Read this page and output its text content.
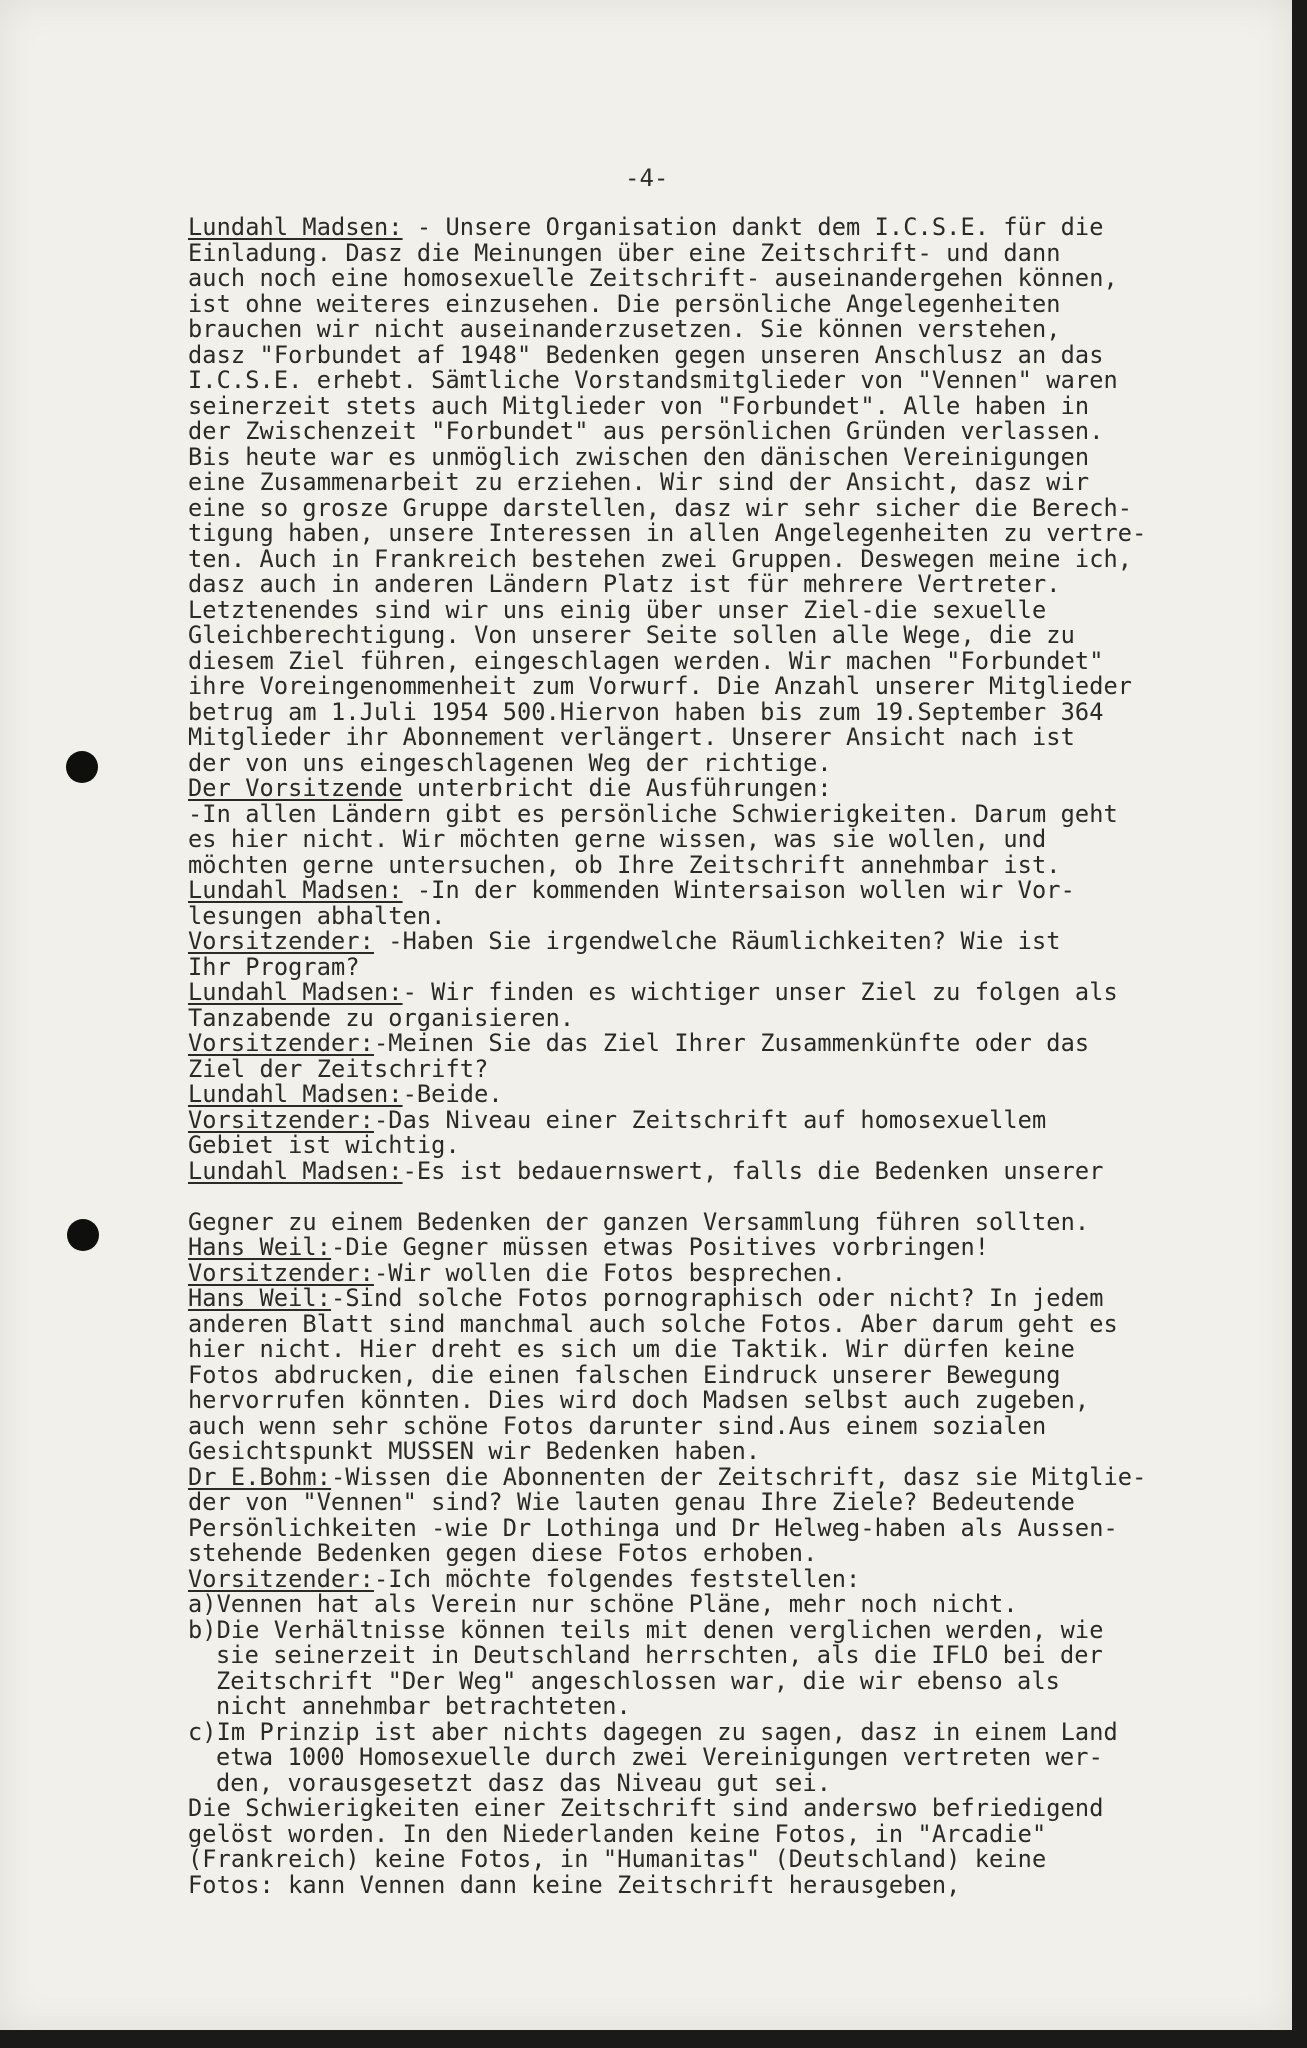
-4-
Lundahl Madsen: - Unsere Organisation dankt dem I.C.S.E. für die
Einladung. Dasz die Meinungen über eine Zeitschrift- und dann
auch noch eine homosexuelle Zeitschrift- auseinandergehen können,
ist ohne weiteres einzusehen. Die persönliche Angelegenheiten
brauchen wir nicht auseinanderzusetzen. Sie können verstehen,
dasz "Forbundet af 1948" Bedenken gegen unseren Anschlusz an das
I.C.S.E. erhebt. Sämtliche Vorstandsmitglieder von "Vennen" waren
seinerzeit stets auch Mitglieder von "Forbundet". Alle haben in
der Zwischenzeit "Forbundet" aus persönlichen Gründen verlassen.
Bis heute war es unmöglich zwischen den dänischen Vereinigungen
eine Zusammenarbeit zu erziehen. Wir sind der Ansicht, dasz wir
eine so grosze Gruppe darstellen, dasz wir sehr sicher die Berech-
tigung haben, unsere Interessen in allen Angelegenheiten zu vertre-
ten. Auch in Frankreich bestehen zwei Gruppen. Deswegen meine ich,
dasz auch in anderen Ländern Platz ist für mehrere Vertreter.
Letztenendes sind wir uns einig über unser Ziel-die sexuelle
Gleichberechtigung. Von unserer Seite sollen alle Wege, die zu
diesem Ziel führen, eingeschlagen werden. Wir machen "Forbundet"
ihre Voreingenommenheit zum Vorwurf. Die Anzahl unserer Mitglieder
betrug am 1.Juli 1954 500.Hiervon haben bis zum 19.September 364
Mitglieder ihr Abonnement verlängert. Unserer Ansicht nach ist
der von uns eingeschlagenen Weg der richtige.
Der Vorsitzende unterbricht die Ausführungen:
-In allen Ländern gibt es persönliche Schwierigkeiten. Darum geht
es hier nicht. Wir möchten gerne wissen, was sie wollen, und
möchten gerne untersuchen, ob Ihre Zeitschrift annehmbar ist.
Lundahl Madsen: -In der kommenden Wintersaison wollen wir Vor-
lesungen abhalten.
Vorsitzender: -Haben Sie irgendwelche Räumlichkeiten? Wie ist
Ihr Program?
Lundahl Madsen:- Wir finden es wichtiger unser Ziel zu folgen als
Tanzabende zu organisieren.
Vorsitzender:-Meinen Sie das Ziel Ihrer Zusammenkünfte oder das
Ziel der Zeitschrift?
Lundahl Madsen:-Beide.
Vorsitzender:-Das Niveau einer Zeitschrift auf homosexuellem
Gebiet ist wichtig.
Lundahl Madsen:-Es ist bedauernswert, falls die Bedenken unserer
Gegner zu einem Bedenken der ganzen Versammlung führen sollten.
Hans Weil:-Die Gegner müssen etwas Positives vorbringen!
Vorsitzender:-Wir wollen die Fotos besprechen.
Hans Weil:-Sind solche Fotos pornographisch oder nicht? In jedem
anderen Blatt sind manchmal auch solche Fotos. Aber darum geht es
hier nicht. Hier dreht es sich um die Taktik. Wir dürfen keine
Fotos abdrucken, die einen falschen Eindruck unserer Bewegung
hervorrufen könnten. Dies wird doch Madsen selbst auch zugeben,
auch wenn sehr schöne Fotos darunter sind.Aus einem sozialen
Gesichtspunkt MUSSEN wir Bedenken haben.
Dr E.Bohm:-Wissen die Abonnenten der Zeitschrift, dasz sie Mitglie-
der von "Vennen" sind? Wie lauten genau Ihre Ziele? Bedeutende
Persönlichkeiten -wie Dr Lothinga und Dr Helweg-haben als Aussen-
stehende Bedenken gegen diese Fotos erhoben.
Vorsitzender:-Ich möchte folgendes feststellen:
a)Vennen hat als Verein nur schöne Pläne, mehr noch nicht.
b)Die Verhältnisse können teils mit denen verglichen werden, wie
sie seinerzeit in Deutschland herrschten, als die IFLO bei der
Zeitschrift "Der Weg" angeschlossen war, die wir ebenso als
nicht annehmbar betrachteten.
c)Im Prinzip ist aber nichts dagegen zu sagen, dasz in einem Land
etwa 1000 Homosexuelle durch zwei Vereinigungen vertreten wer-
den, vorausgesetzt dasz das Niveau gut sei.
Die Schwierigkeiten einer Zeitschrift sind anderswo befriedigend
gelöst worden. In den Niederlanden keine Fotos, in "Arcadie"
(Frankreich) keine Fotos, in "Humanitas" (Deutschland) keine
Fotos: kann Vennen dann keine Zeitschrift herausgeben,
